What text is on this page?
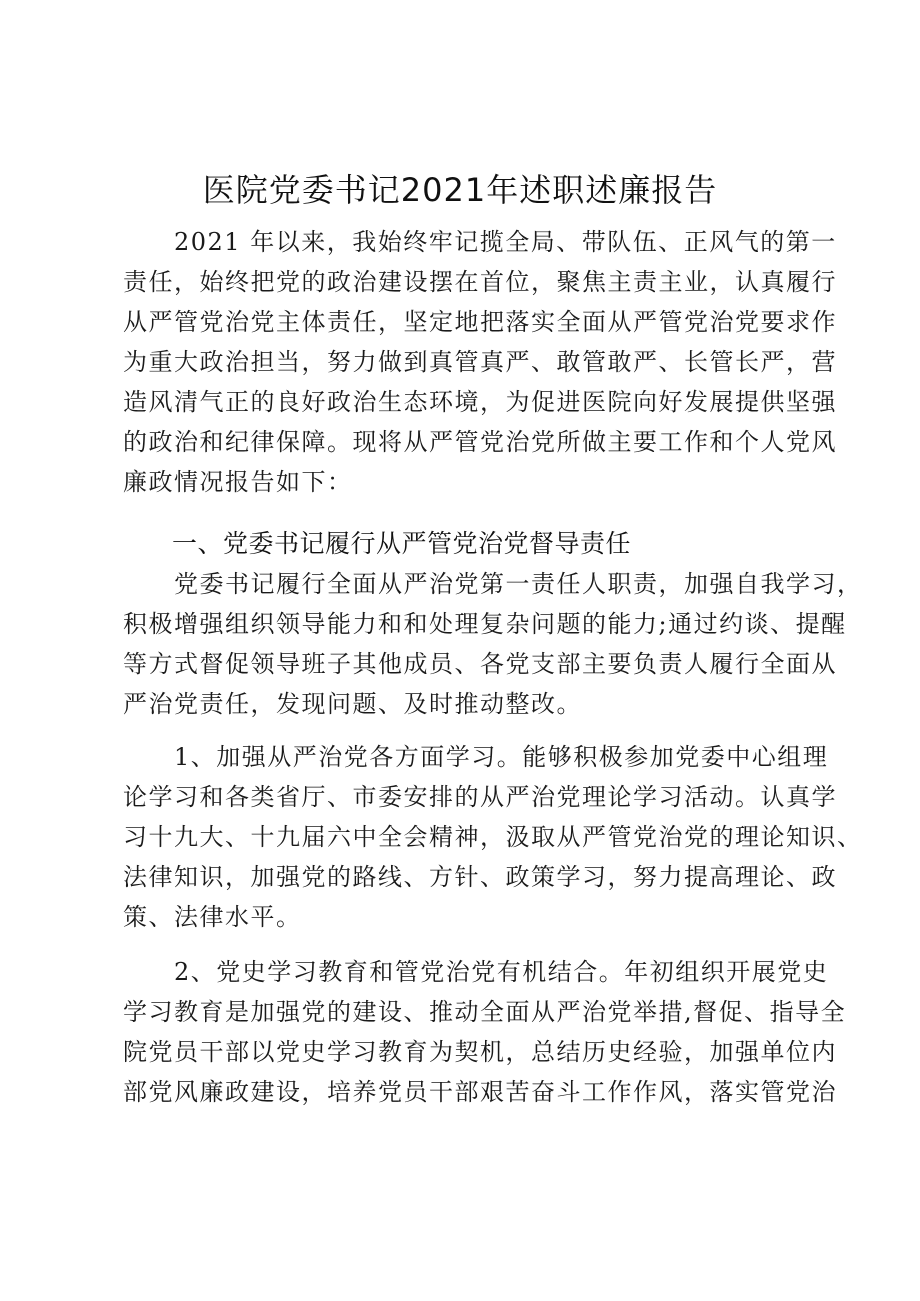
医院党委书记2021年述职述廉报告
　　2021 年以来，我始终牢记揽全局、带队伍、正风气的第一
责任，始终把党的政治建设摆在首位，聚焦主责主业，认真履行
从严管党治党主体责任，坚定地把落实全面从严管党治党要求作
为重大政治担当，努力做到真管真严、敢管敢严、长管长严，营
造风清气正的良好政治生态环境，为促进医院向好发展提供坚强
的政治和纪律保障。现将从严管党治党所做主要工作和个人党风
廉政情况报告如下：
一、党委书记履行从严管党治党督导责任
　　党委书记履行全面从严治党第一责任人职责，加强自我学习，
积极增强组织领导能力和和处理复杂问题的能力;通过约谈、提醒
等方式督促领导班子其他成员、各党支部主要负责人履行全面从
严治党责任，发现问题、及时推动整改。
　　1、加强从严治党各方面学习。能够积极参加党委中心组理
论学习和各类省厅、市委安排的从严治党理论学习活动。认真学
习十九大、十九届六中全会精神，汲取从严管党治党的理论知识、
法律知识，加强党的路线、方针、政策学习，努力提高理论、政
策、法律水平。
　　2、党史学习教育和管党治党有机结合。年初组织开展党史
学习教育是加强党的建设、推动全面从严治党举措,督促、指导全
院党员干部以党史学习教育为契机，总结历史经验，加强单位内
部党风廉政建设，培养党员干部艰苦奋斗工作作风，落实管党治
